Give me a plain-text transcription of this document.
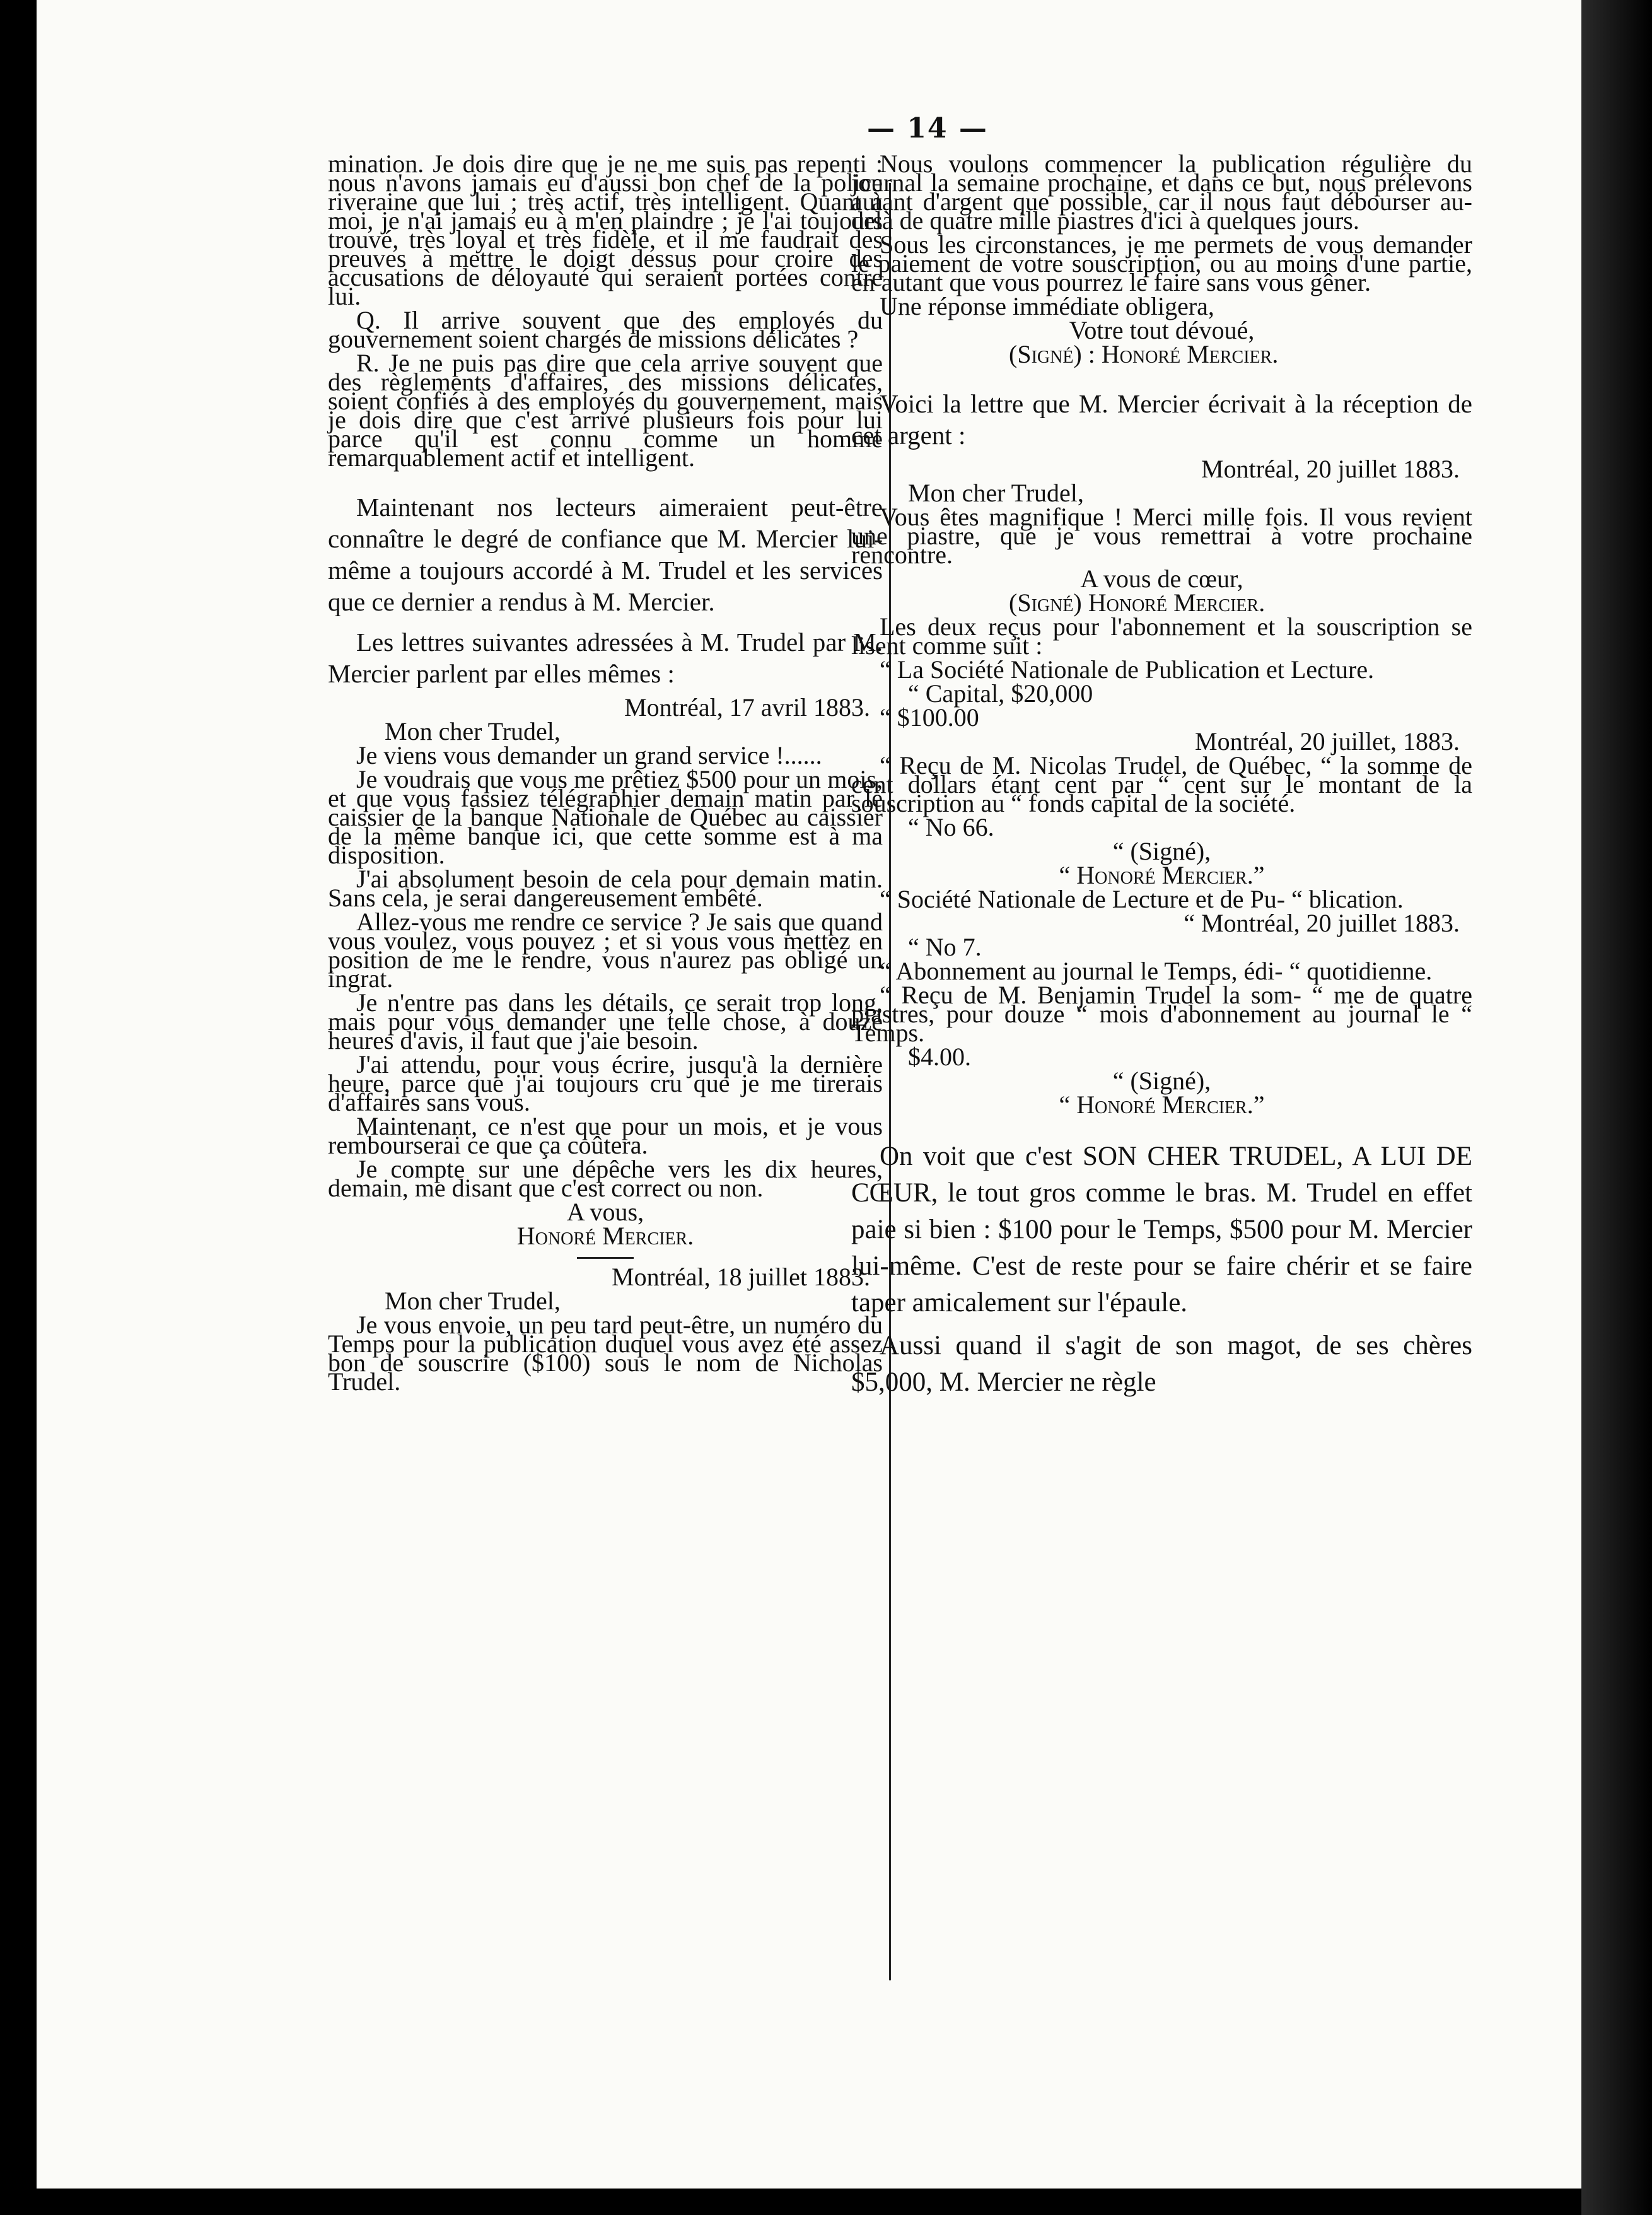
— 14 —

mination. Je dois dire que je ne me suis pas repenti : nous n'avons jamais eu d'aussi bon chef de la police riveraine que lui ; très actif, très intelligent. Quant à moi, je n'ai jamais eu à m'en plaindre ; je l'ai toujours trouvé, très loyal et très fidèle, et il me faudrait des preuves à mettre le doigt dessus pour croire des accusations de déloyauté qui seraient portées contre lui.

Q. Il arrive souvent que des employés du gouvernement soient chargés de missions délicates ?

R. Je ne puis pas dire que cela arrive souvent que des règlements d'affaires, des missions délicates, soient confiés à des employés du gouvernement, mais je dois dire que c'est arrivé plusieurs fois pour lui parce qu'il est connu comme un homme remarquablement actif et intelligent.

Maintenant nos lecteurs aimeraient peut-être connaître le degré de confiance que M. Mercier lui-même a toujours accordé à M. Trudel et les services que ce dernier a rendus à M. Mercier.

Les lettres suivantes adressées à M. Trudel par M. Mercier parlent par elles mêmes :

Montréal, 17 avril 1883.

Mon cher Trudel,

Je viens vous demander un grand service !......

Je voudrais que vous me prêtiez $500 pour un mois, et que vous fassiez télégraphier demain matin par le caissier de la banque Nationale de Québec au caissier de la même banque ici, que cette somme est à ma disposition.

J'ai absolument besoin de cela pour demain matin. Sans cela, je serai dangereusement embêté.

Allez-vous me rendre ce service ? Je sais que quand vous voulez, vous pouvez ; et si vous vous mettez en position de me le rendre, vous n'aurez pas obligé un ingrat.

Je n'entre pas dans les détails, ce serait trop long, mais pour vous demander une telle chose, à douze heures d'avis, il faut que j'aie besoin.

J'ai attendu, pour vous écrire, jusqu'à la dernière heure, parce que j'ai toujours cru que je me tirerais d'affaires sans vous.

Maintenant, ce n'est que pour un mois, et je vous rembourserai ce que ça coûtera.

Je compte sur une dépêche vers les dix heures, demain, me disant que c'est correct ou non.

A vous,

Honoré Mercier.

Montréal, 18 juillet 1883.

Mon cher Trudel,

Je vous envoie, un peu tard peut-être, un numéro du Temps pour la publication duquel vous avez été assez bon de souscrire ($100) sous le nom de Nicholas Trudel.

Nous voulons commencer la publication régulière du journal la semaine prochaine, et dans ce but, nous prélevons autant d'argent que possible, car il nous faut débourser au-delà de quatre mille piastres d'ici à quelques jours.

Sous les circonstances, je me permets de vous demander le paiement de votre souscription, ou au moins d'une partie, en autant que vous pourrez le faire sans vous gêner.

Une réponse immédiate obligera,

Votre tout dévoué,

(Signé) : Honoré Mercier.

Voici la lettre que M. Mercier écrivait à la réception de cet argent :

Montréal, 20 juillet 1883.

Mon cher Trudel,

Vous êtes magnifique ! Merci mille fois. Il vous revient une piastre, que je vous remettrai à votre prochaine rencontre.

A vous de cœur,

(Signé) Honoré Mercier.

Les deux reçus pour l'abonnement et la souscription se lisent comme suit :

“ La Société Nationale de Publication et Lecture.

“ Capital, $20,000

“ $100.00

Montréal, 20 juillet, 1883.

“ Reçu de M. Nicolas Trudel, de Québec, “ la somme de cent dollars étant cent par “ cent sur le montant de la souscription au “ fonds capital de la société.

“ No 66.

“ (Signé),

“ Honoré Mercier.”

“ Société Nationale de Lecture et de Pu- “ blication.

“ Montréal, 20 juillet 1883.

“ No 7.

“ Abonnement au journal le Temps, édi- “ quotidienne.

“ Reçu de M. Benjamin Trudel la som- “ me de quatre piastres, pour douze “ mois d'abonnement au journal le “ Temps.

$4.00.

“ (Signé),

“ Honoré Mercier.”

On voit que c'est SON CHER TRUDEL, A LUI DE CŒUR, le tout gros comme le bras. M. Trudel en effet paie si bien : $100 pour le Temps, $500 pour M. Mercier lui-même. C'est de reste pour se faire chérir et se faire taper amicalement sur l'épaule.

Aussi quand il s'agit de son magot, de ses chères $5,000, M. Mercier ne règle
